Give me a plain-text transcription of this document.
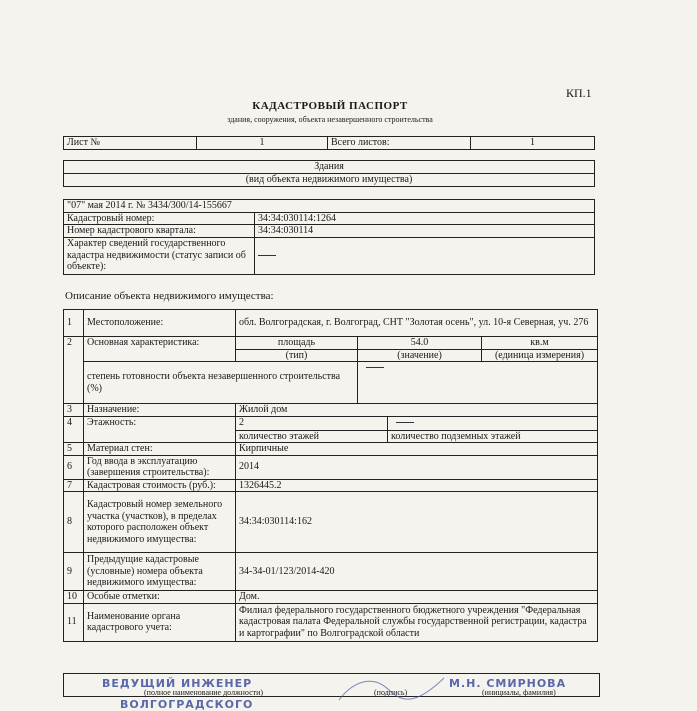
КП.1
КАДАСТРОВЫЙ ПАСПОРТ
здания, сооружения, объекта незавершенного строительства
Лист №	1	Всего листов:	1
Здания
(вид объекта недвижимого имущества)
"07" мая 2014 г. № 3434/300/14-155667	
Кадастровый номер:	34:34:030114:1264
Номер кадастрового квартала:	34:34:030114
Характер сведений государственного кадастра недвижимости (статус записи об объекте):	
Описание объекта недвижимого имущества:
1	Местоположение:	обл. Волгоградская, г. Волгоград, СНТ "Золотая осень", ул. 10-я Северная, уч. 276			
2	Основная характеристика:	площадь	54.0		кв.м
		(тип)	(значение)		(единица измерения)
	степень готовности объекта незавершенного строительства (%)				
3	Назначение:	Жилой дом			
4	Этажность:	2			
		количество этажей		количество подземных этажей	
5	Материал стен:	Кирпичные			
6	Год ввода в эксплуатацию (завершения строительства):	2014			
7	Кадастровая стоимость (руб.):	1326445.2			
8	Кадастровый номер земельного участка (участков), в пределах которого расположен объект недвижимого имущества:	34:34:030114:162			
9	Предыдущие кадастровые (условные) номера объекта недвижимого имущества:	34-34-01/123/2014-420			
10	Особые отметки:	Дом.			
11	Наименование органа кадастрового учета:	Филиал федерального государственного бюджетного учреждения "Федеральная кадастровая палата Федеральной службы государственной регистрации, кадастра и картографии" по Волгоградской области			
ВЕДУЩИЙ ИНЖЕНЕР
(полное наименование должности)	(подпись)
М.Н. СМИРНОВА
(инициалы, фамилия)
ВОЛГОГРАДСКОГО
